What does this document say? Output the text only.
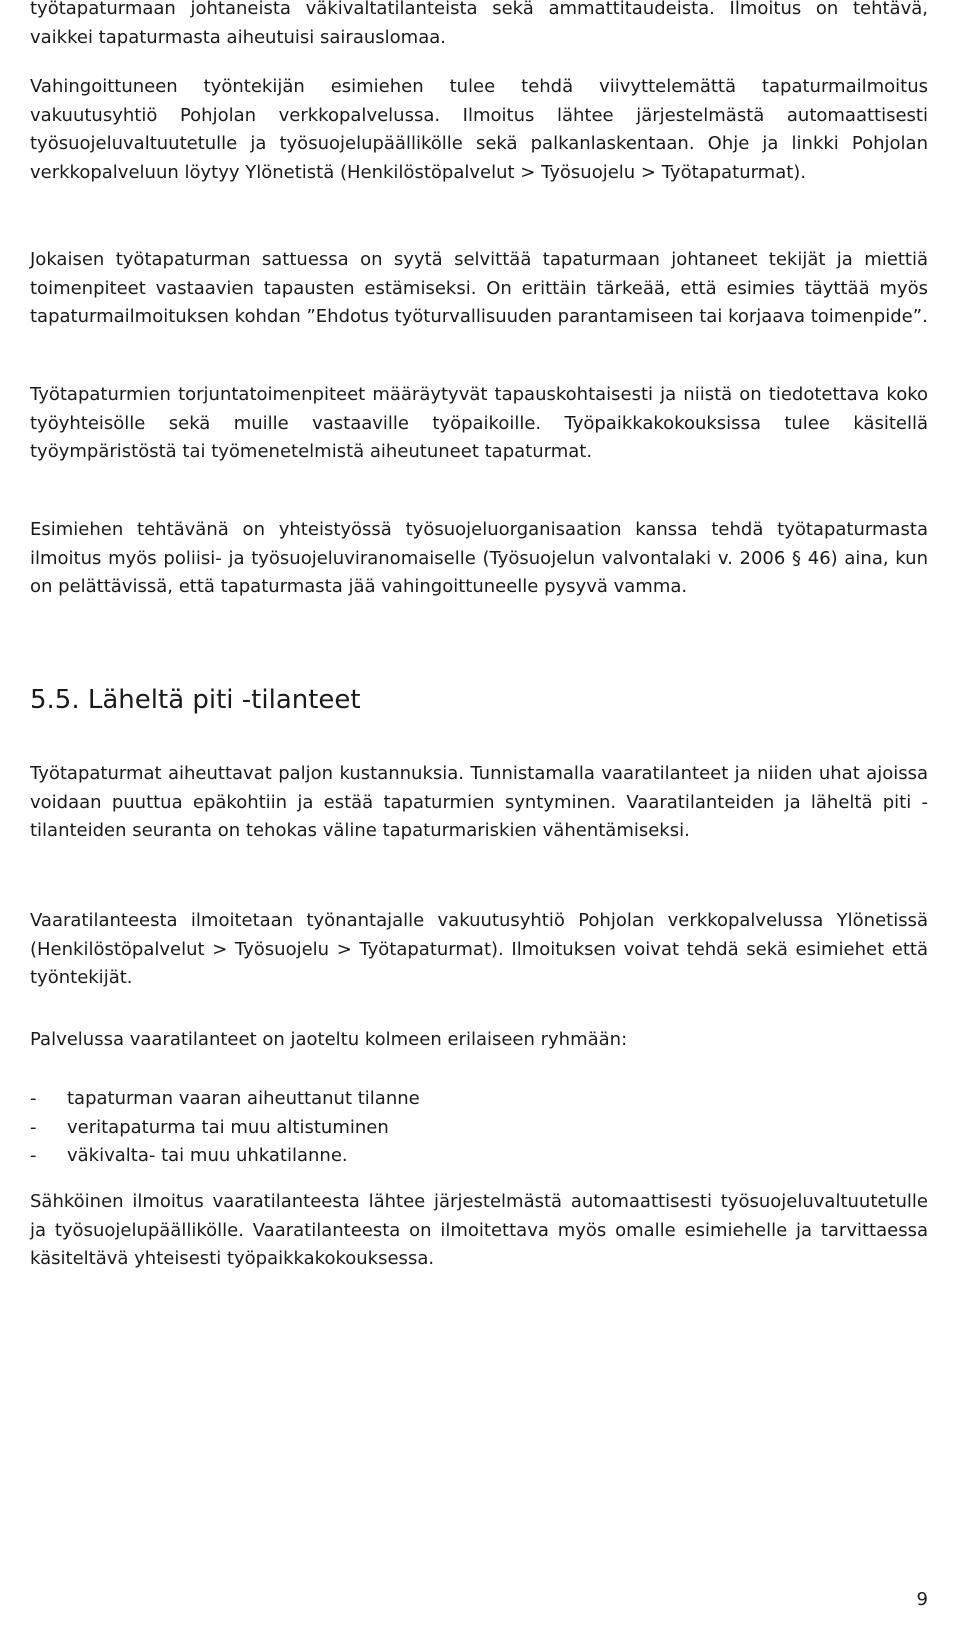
työtapaturmaan johtaneista väkivaltatilanteista sekä ammattitaudeista. Ilmoitus on tehtävä, vaikkei tapaturmasta aiheutuisi sairauslomaa.

Vahingoittuneen työntekijän esimiehen tulee tehdä viivyttelemättä tapaturmailmoitus vakuutusyhtiö Pohjolan verkkopalvelussa. Ilmoitus lähtee järjestelmästä automaattisesti työsuojeluvaltuutetulle ja työsuojelupäällikölle sekä palkanlaskentaan. Ohje ja linkki Pohjolan verkkopalveluun löytyy Ylönetistä (Henkilöstöpalvelut > Työsuojelu > Työtapaturmat).

Jokaisen työtapaturman sattuessa on syytä selvittää tapaturmaan johtaneet tekijät ja miettiä toimenpiteet vastaavien tapausten estämiseksi. On erittäin tärkeää, että esimies täyttää myös tapaturmailmoituksen kohdan ”Ehdotus työturvallisuuden parantamiseen tai korjaava toimenpide”.

Työtapaturmien torjuntatoimenpiteet määräytyvät tapauskohtaisesti ja niistä on tiedotettava koko työyhteisölle sekä muille vastaaville työpaikoille. Työpaikkakokouksissa tulee käsitellä työympäristöstä tai työmenetelmistä aiheutuneet tapaturmat.

Esimiehen tehtävänä on yhteistyössä työsuojeluorganisaation kanssa tehdä työtapaturmasta ilmoitus myös poliisi- ja työsuojeluviranomaiselle (Työsuojelun valvontalaki v. 2006 § 46) aina, kun on pelättävissä, että tapaturmasta jää vahingoittuneelle pysyvä vamma.

5.5. Läheltä piti -tilanteet

Työtapaturmat aiheuttavat paljon kustannuksia. Tunnistamalla vaaratilanteet ja niiden uhat ajoissa voidaan puuttua epäkohtiin ja estää tapaturmien syntyminen. Vaaratilanteiden ja läheltä piti -tilanteiden seuranta on tehokas väline tapaturmariskien vähentämiseksi.

Vaaratilanteesta ilmoitetaan työnantajalle vakuutusyhtiö Pohjolan verkkopalvelussa Ylönetissä (Henkilöstöpalvelut > Työsuojelu > Työtapaturmat). Ilmoituksen voivat tehdä sekä esimiehet että työntekijät.

Palvelussa vaaratilanteet on jaoteltu kolmeen erilaiseen ryhmään:

-	tapaturman vaaran aiheuttanut tilanne
-	veritapaturma tai muu altistuminen
-	väkivalta- tai muu uhkatilanne.

Sähköinen ilmoitus vaaratilanteesta lähtee järjestelmästä automaattisesti työsuojeluvaltuutetulle ja työsuojelupäällikölle. Vaaratilanteesta on ilmoitettava myös omalle esimiehelle ja tarvittaessa käsiteltävä yhteisesti työpaikkakokouksessa.

9
